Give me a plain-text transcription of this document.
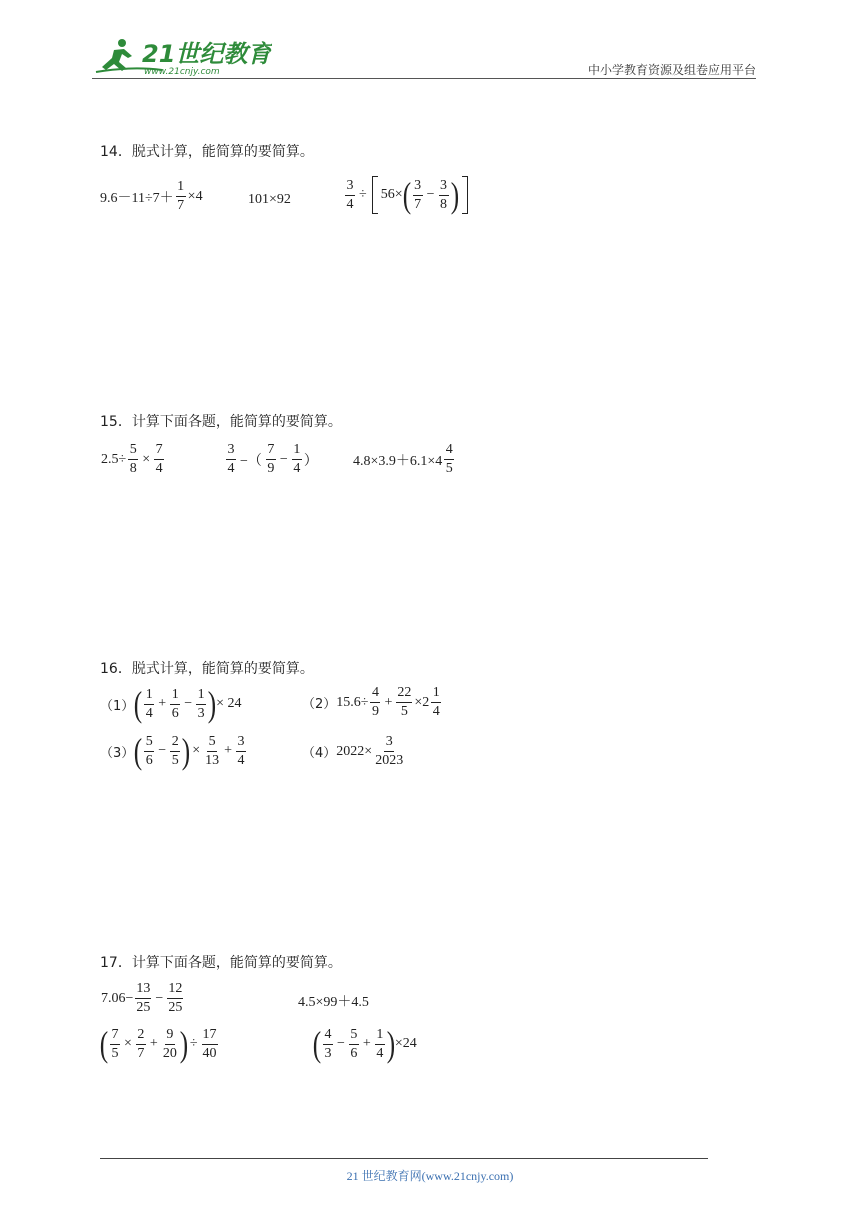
21世纪教育
www.21cnjy.com	中小学教育资源及组卷应用平台
14．脱式计算，能简算的要简算。
$9.6-11\div 7+ \frac{1}{7} \times 4$	101×92	$\frac{3}{4} \div 56\times$ ( $\frac{3}{7} - \frac{3}{8}$ )
15．计算下面各题，能简算的要简算。
$2.5\div \frac{5}{8} \times \frac{7}{4}$	$\frac{3}{4}$ −（ $\frac{7}{9} - \frac{1}{4}$ ）	$4.8\times 3.9+6.1\times 4 \frac{4}{5}$
16．脱式计算，能简算的要简算。
（1） ( $\frac{1}{4} + \frac{1}{6} - \frac{1}{3}$ ) × 24	（2） $15.6\div \frac{4}{9} + \frac{22}{5} \times 2 \frac{1}{4}$
（3） ( $\frac{5}{6} - \frac{2}{5}$ ) × $\frac{5}{13} + \frac{3}{4}$	（4） $2022\times \frac{3}{2023}$
17．计算下面各题，能简算的要简算。
$7.06- \frac{13}{25} - \frac{12}{25}$	4.5×99＋4.5
( $\frac{7}{5} \times \frac{2}{7} + \frac{9}{20}$ ) ÷ $\frac{17}{40}$	( $\frac{4}{3} - \frac{5}{6} + \frac{1}{4}$ ) ×24
21 世纪教育网(www.21cnjy.com)
